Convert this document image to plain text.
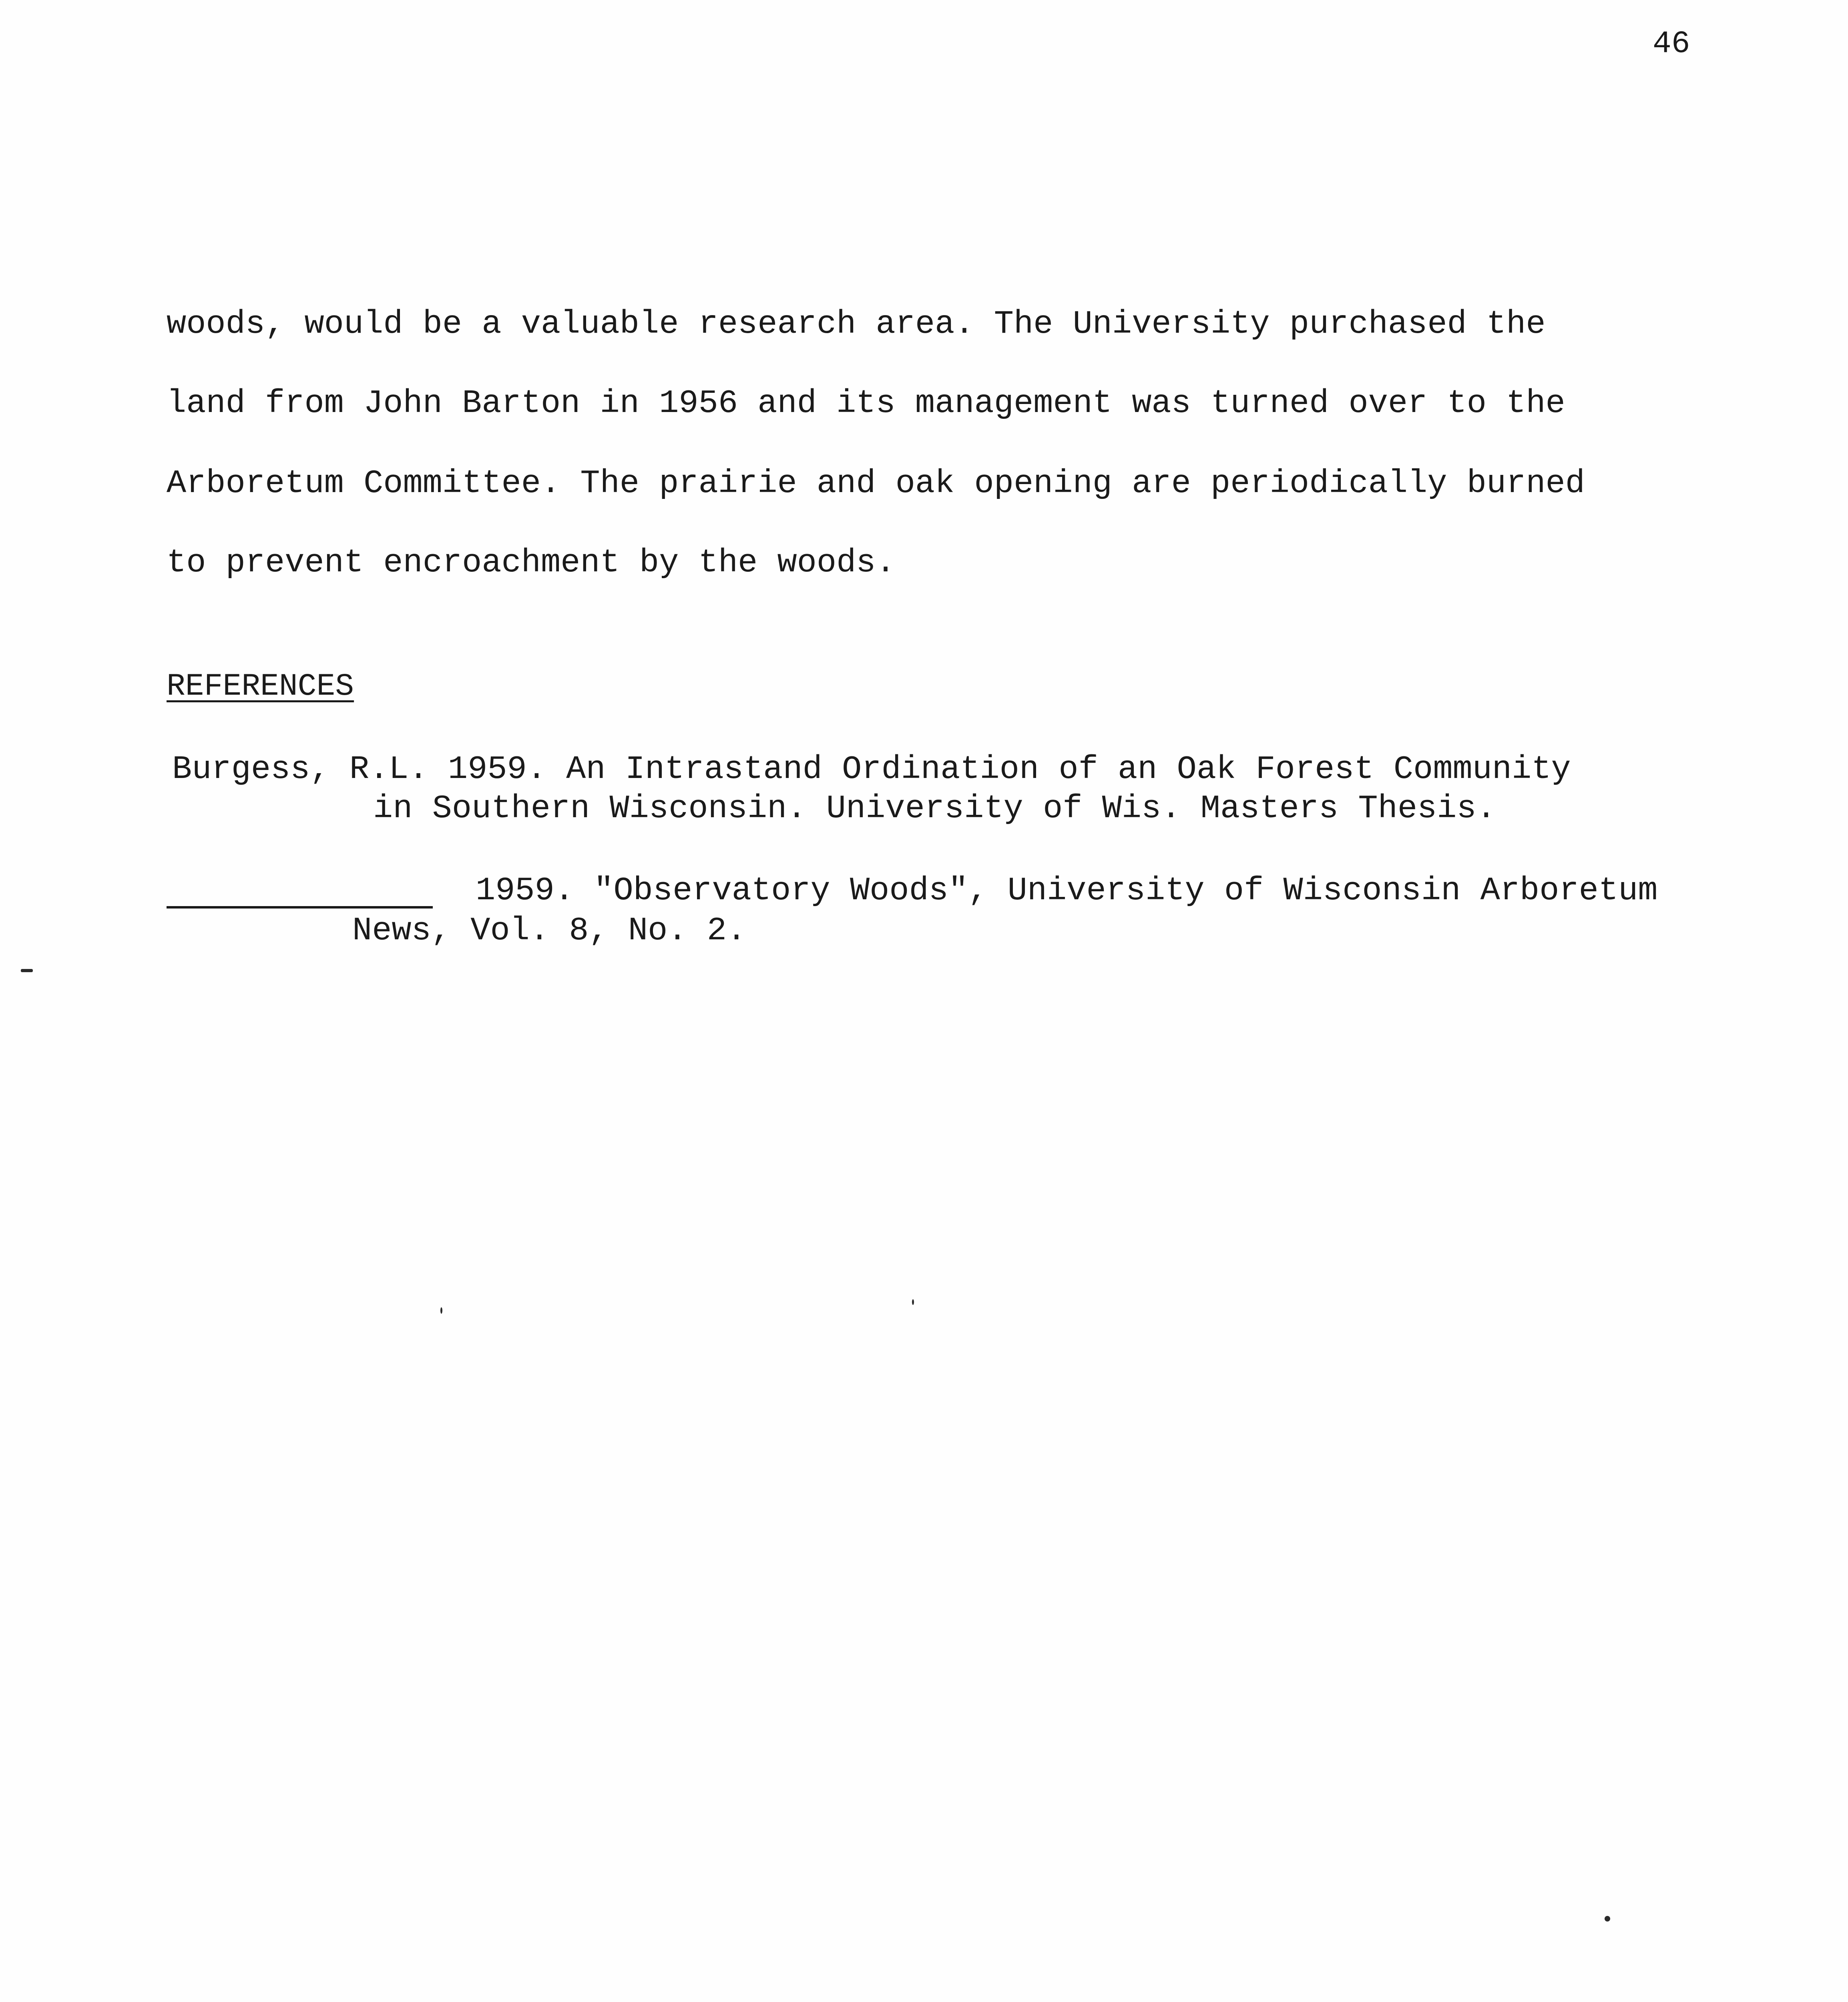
46
woods, would be a valuable research area. The University purchased the
land from John Barton in 1956 and its management was turned over to the
Arboretum Committee. The prairie and oak opening are periodically burned
to prevent encroachment by the woods.
REFERENCES
Burgess, R.L. 1959. An Intrastand Ordination of an Oak Forest Community
in Southern Wisconsin. University of Wis. Masters Thesis.
1959. "Observatory Woods", University of Wisconsin Arboretum
News, Vol. 8, No. 2.
